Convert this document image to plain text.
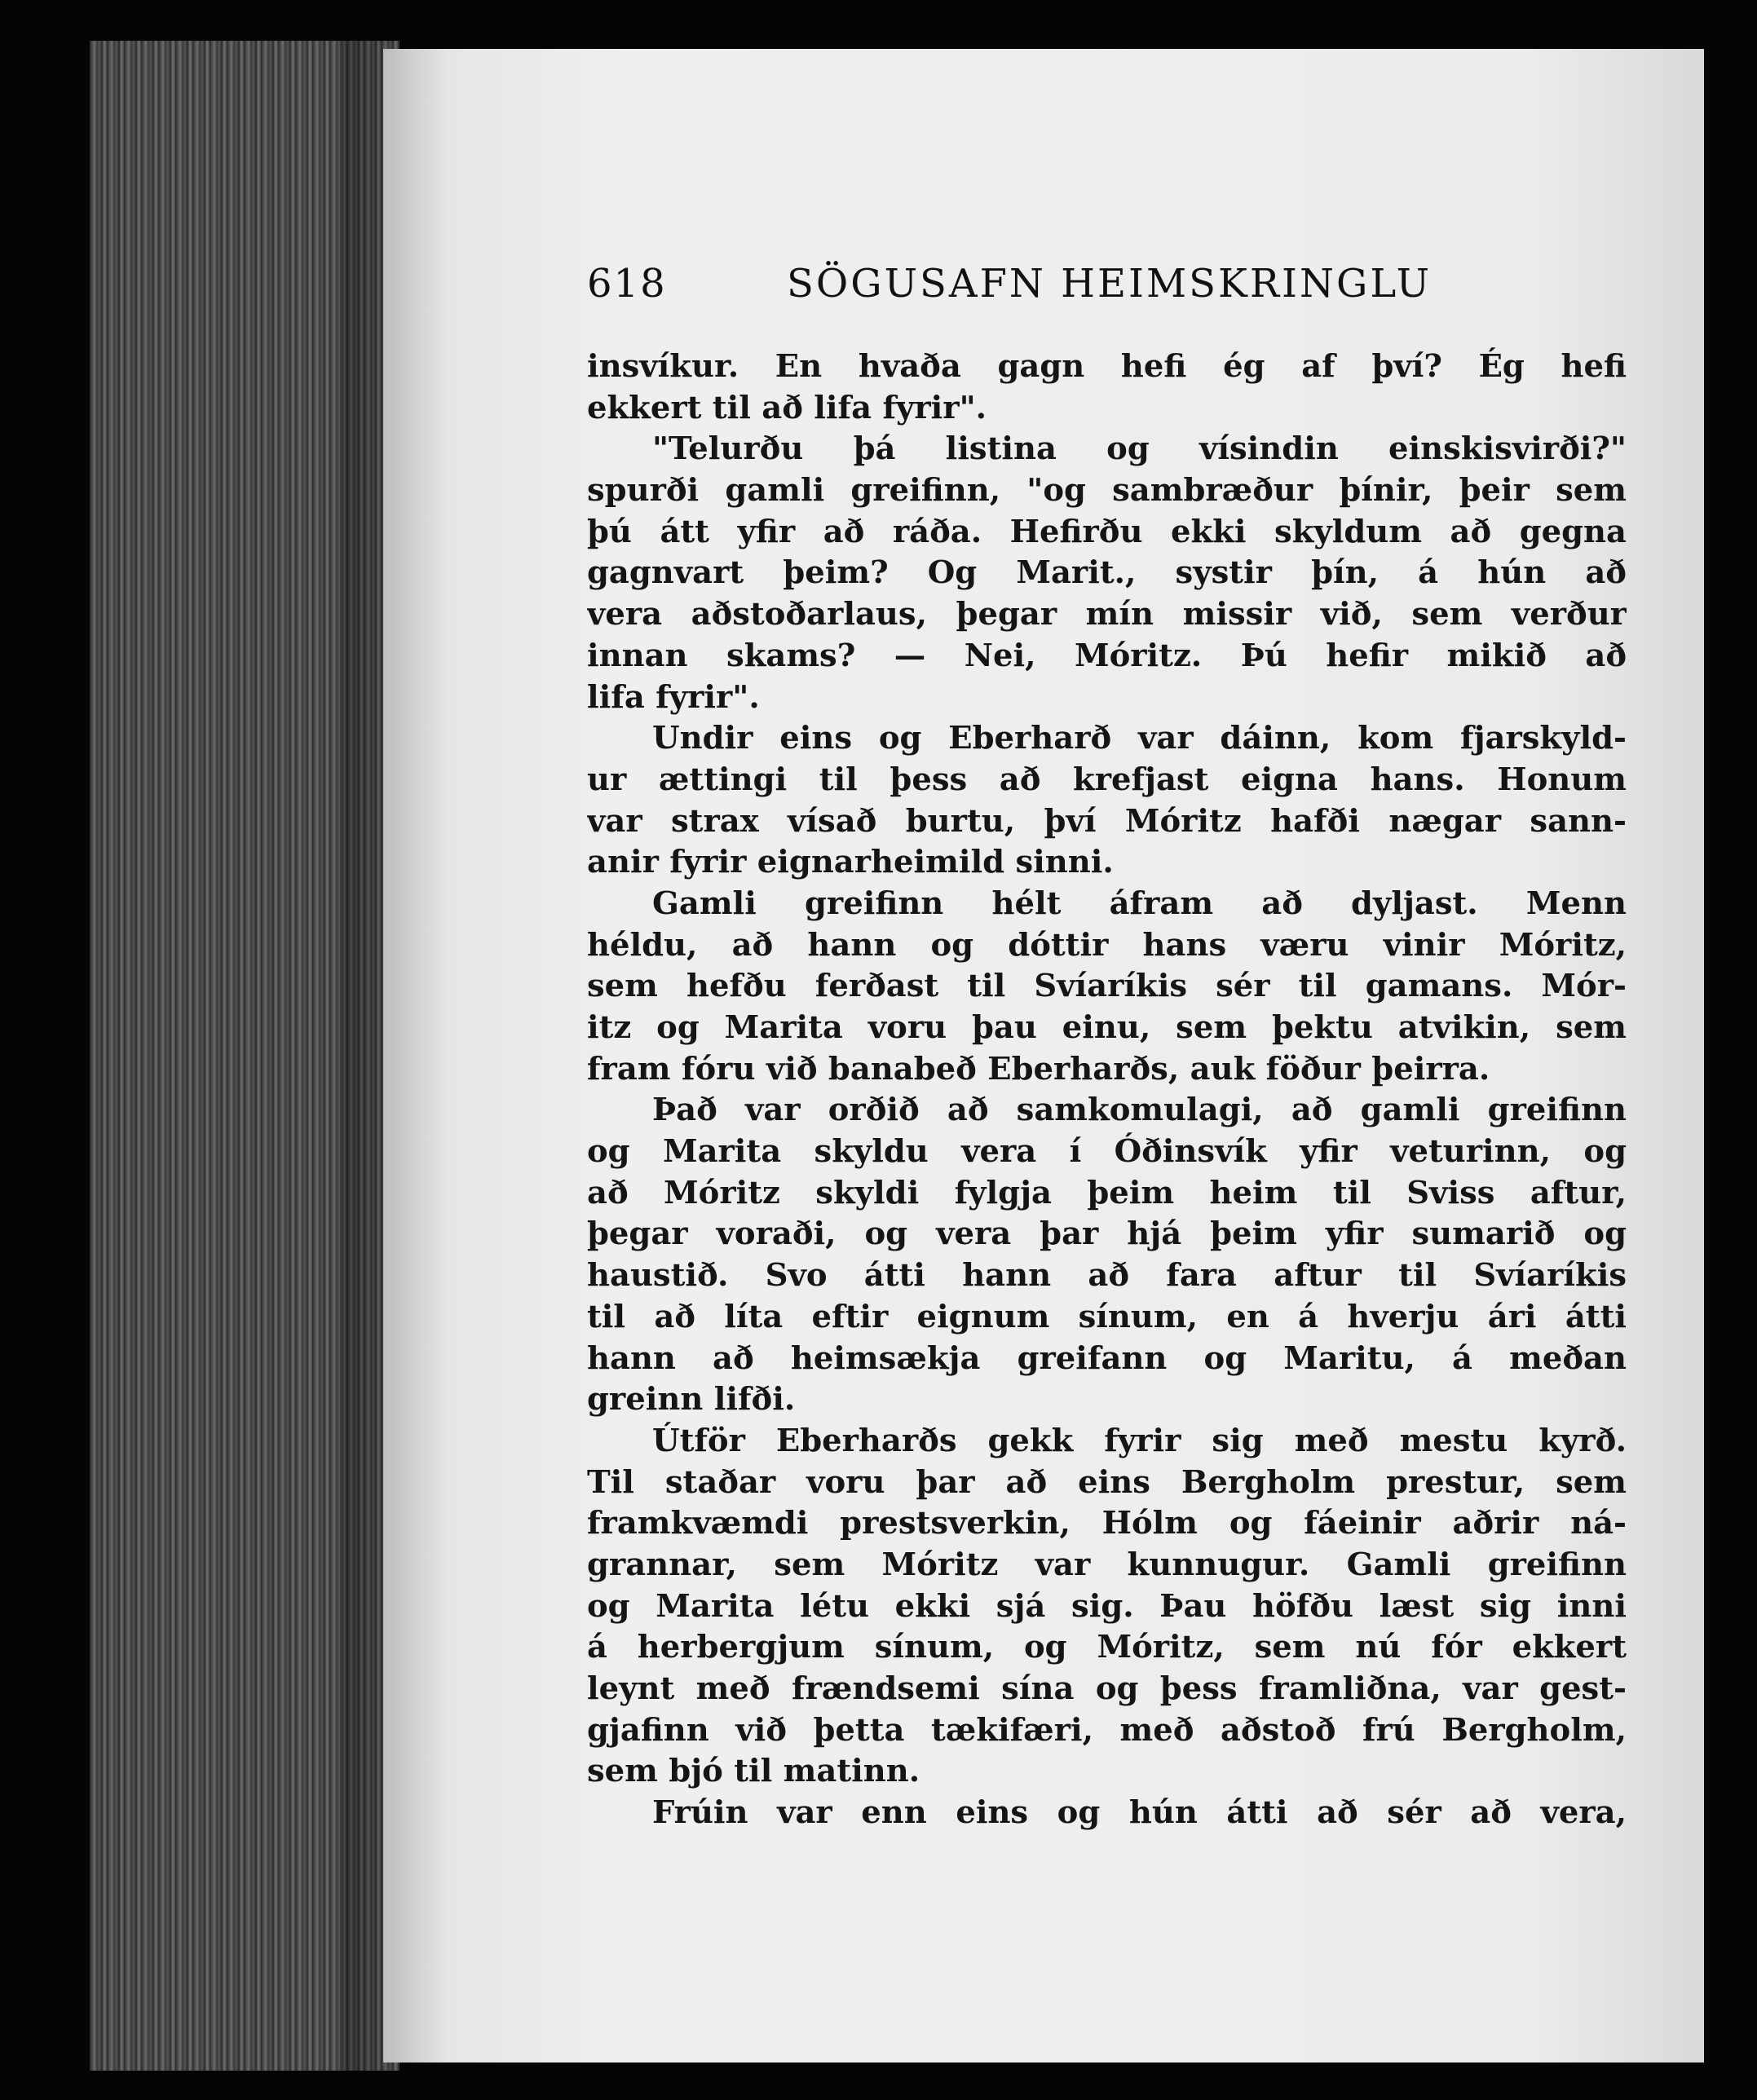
618	SÖGUSAFN HEIMSKRINGLU
insvíkur. En hvaða gagn hefi ég af því? Ég hefi
ekkert til að lifa fyrir".
"Telurðu þá listina og vísindin einskisvirði?"
spurði gamli greifinn, "og sambræður þínir, þeir sem
þú átt yfir að ráða. Hefirðu ekki skyldum að gegna
gagnvart þeim? Og Marit., systir þín, á hún að
vera aðstoðarlaus, þegar mín missir við, sem verður
innan skams? — Nei, Móritz. Þú hefir mikið að
lifa fyrir".
Undir eins og Eberharð var dáinn, kom fjarskyld-
ur ættingi til þess að krefjast eigna hans. Honum
var strax vísað burtu, því Móritz hafði nægar sann-
anir fyrir eignarheimild sinni.
Gamli greifinn hélt áfram að dyljast. Menn
héldu, að hann og dóttir hans væru vinir Móritz,
sem hefðu ferðast til Svíaríkis sér til gamans. Mór-
itz og Marita voru þau einu, sem þektu atvikin, sem
fram fóru við banabeð Eberharðs, auk föður þeirra.
Það var orðið að samkomulagi, að gamli greifinn
og Marita skyldu vera í Óðinsvík yfir veturinn, og
að Móritz skyldi fylgja þeim heim til Sviss aftur,
þegar voraði, og vera þar hjá þeim yfir sumarið og
haustið. Svo átti hann að fara aftur til Svíaríkis
til að líta eftir eignum sínum, en á hverju ári átti
hann að heimsækja greifann og Maritu, á meðan
greinn lifði.
Útför Eberharðs gekk fyrir sig með mestu kyrð.
Til staðar voru þar að eins Bergholm prestur, sem
framkvæmdi prestsverkin, Hólm og fáeinir aðrir ná-
grannar, sem Móritz var kunnugur. Gamli greifinn
og Marita létu ekki sjá sig. Þau höfðu læst sig inni
á herbergjum sínum, og Móritz, sem nú fór ekkert
leynt með frændsemi sína og þess framliðna, var gest-
gjafinn við þetta tækifæri, með aðstoð frú Bergholm,
sem bjó til matinn.
Frúin var enn eins og hún átti að sér að vera,
